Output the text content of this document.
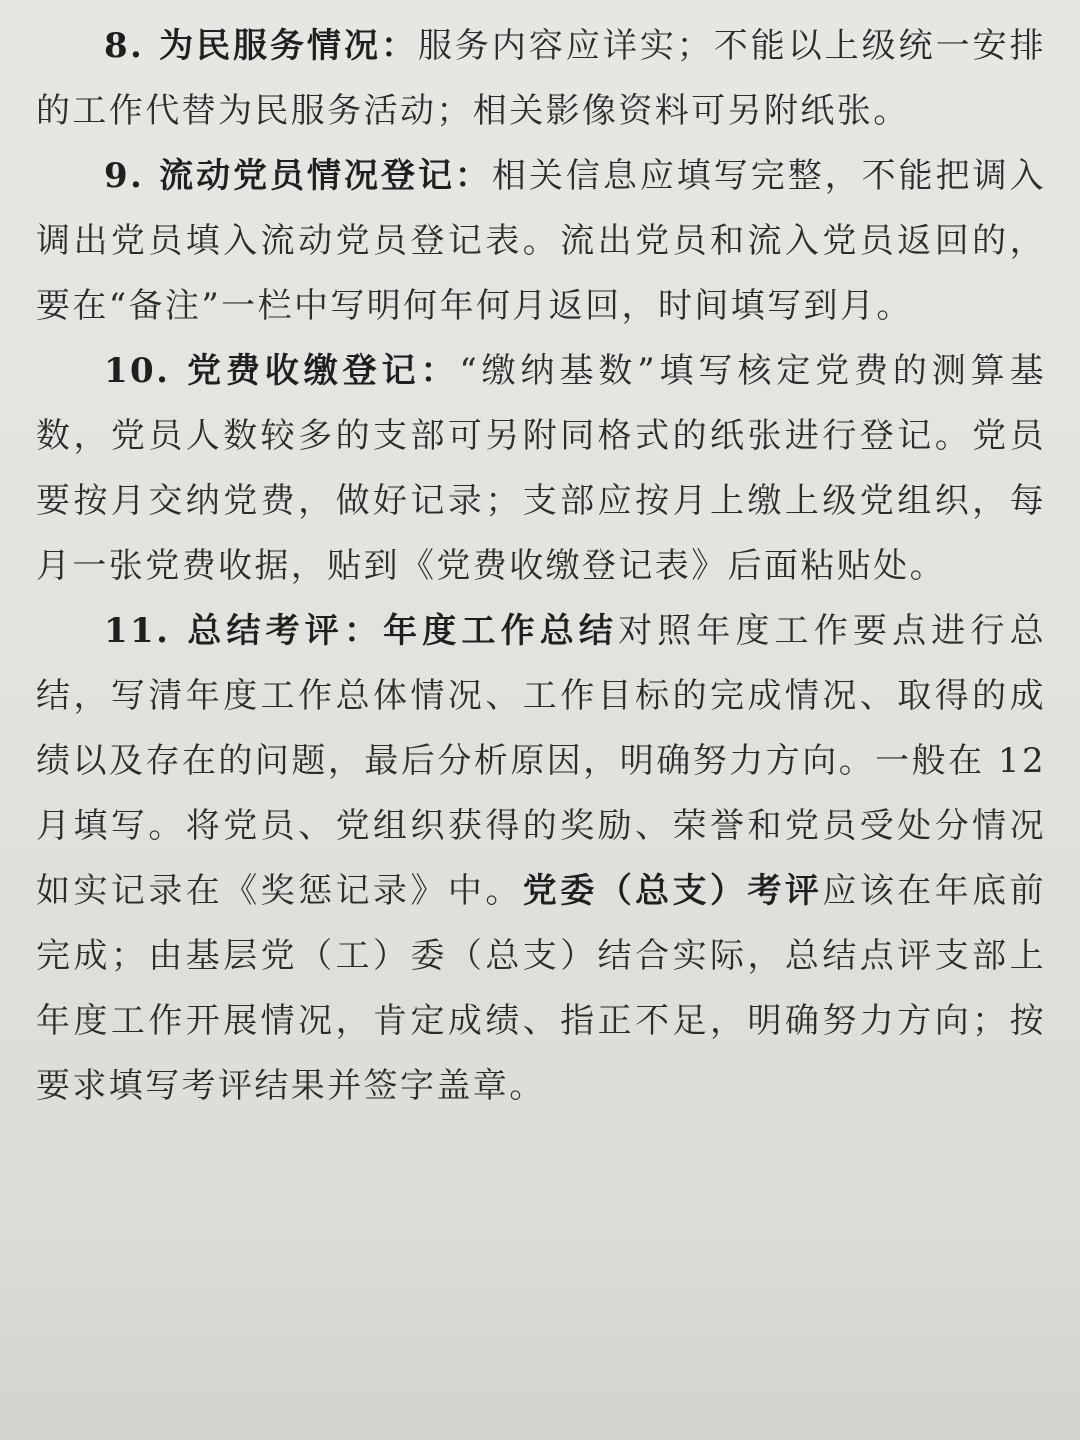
8. 为民服务情况：服务内容应详实；不能以上级统一安排的工作代替为民服务活动；相关影像资料可另附纸张。

9. 流动党员情况登记：相关信息应填写完整，不能把调入调出党员填入流动党员登记表。流出党员和流入党员返回的，要在“备注”一栏中写明何年何月返回，时间填写到月。

10. 党费收缴登记：“缴纳基数”填写核定党费的测算基数，党员人数较多的支部可另附同格式的纸张进行登记。党员要按月交纳党费，做好记录；支部应按月上缴上级党组织，每月一张党费收据，贴到《党费收缴登记表》后面粘贴处。

11. 总结考评：年度工作总结对照年度工作要点进行总结，写清年度工作总体情况、工作目标的完成情况、取得的成绩以及存在的问题，最后分析原因，明确努力方向。一般在 12 月填写。将党员、党组织获得的奖励、荣誉和党员受处分情况如实记录在《奖惩记录》中。党委（总支）考评应该在年底前完成；由基层党（工）委（总支）结合实际，总结点评支部上年度工作开展情况，肯定成绩、指正不足，明确努力方向；按要求填写考评结果并签字盖章。
